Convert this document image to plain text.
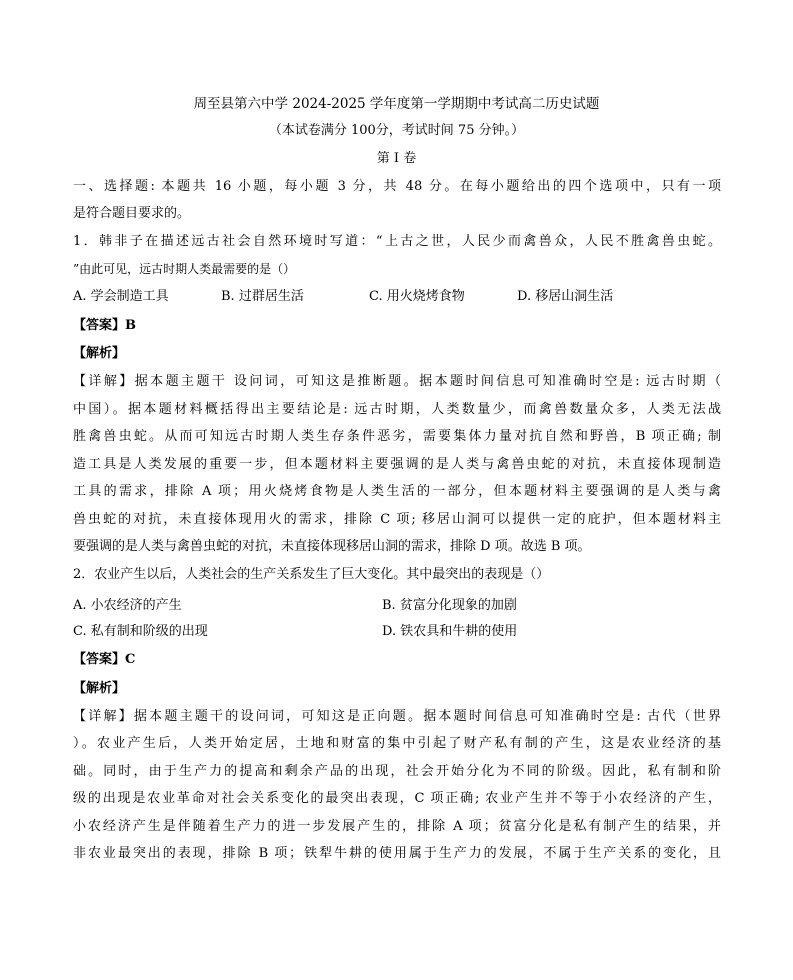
周至县第六中学 2024-2025 学年度第一学期期中考试高二历史试题
（本试卷满分 100分，考试时间 75 分钟。）
第 I 卷
一、选择题: 本题共 16 小题，每小题 3 分，共 48 分。在每小题给出的四个选项中，只有一项
是符合题目要求的。
1．韩非子在描述远古社会自然环境时写道：“上古之世，人民少而禽兽众，人民不胜禽兽虫蛇。
”由此可见，远古时期人类最需要的是（）
A. 学会制造工具	B. 过群居生活	C. 用火烧烤食物	D. 移居山洞生活
【答案】B
【解析】
【详解】据本题主题干 设问词，可知这是推断题。据本题时间信息可知准确时空是: 远古时期（
中国）。据本题材料概括得出主要结论是: 远古时期，人类数量少，而禽兽数量众多，人类无法战
胜禽兽虫蛇。从而可知远古时期人类生存条件恶劣，需要集体力量对抗自然和野兽，B 项正确; 制
造工具是人类发展的重要一步，但本题材料主要强调的是人类与禽兽虫蛇的对抗，未直接体现制造
工具的需求，排除 A 项；用火烧烤食物是人类生活的一部分，但本题材料主要强调的是人类与禽
兽虫蛇的对抗，未直接体现用火的需求，排除 C 项; 移居山洞可以提供一定的庇护，但本题材料主
要强调的是人类与禽兽虫蛇的对抗，未直接体现移居山洞的需求，排除 D 项。故选 B 项。
2．农业产生以后，人类社会的生产关系发生了巨大变化。其中最突出的表现是（）
A. 小农经济的产生	B. 贫富分化现象的加剧
C. 私有制和阶级的出现	D. 铁农具和牛耕的使用
【答案】C
【解析】
【详解】据本题主题干的设问词，可知这是正向题。据本题时间信息可知准确时空是: 古代（世界
）。农业产生后，人类开始定居，土地和财富的集中引起了财产私有制的产生，这是农业经济的基
础。同时，由于生产力的提高和剩余产品的出现，社会开始分化为不同的阶级。因此，私有制和阶
级的出现是农业革命对社会关系变化的最突出表现，C 项正确; 农业产生并不等于小农经济的产生，
小农经济产生是伴随着生产力的进一步发展产生的，排除 A 项；贫富分化是私有制产生的结果，并
非农业最突出的表现，排除 B 项；铁犁牛耕的使用属于生产力的发展，不属于生产关系的变化，且
